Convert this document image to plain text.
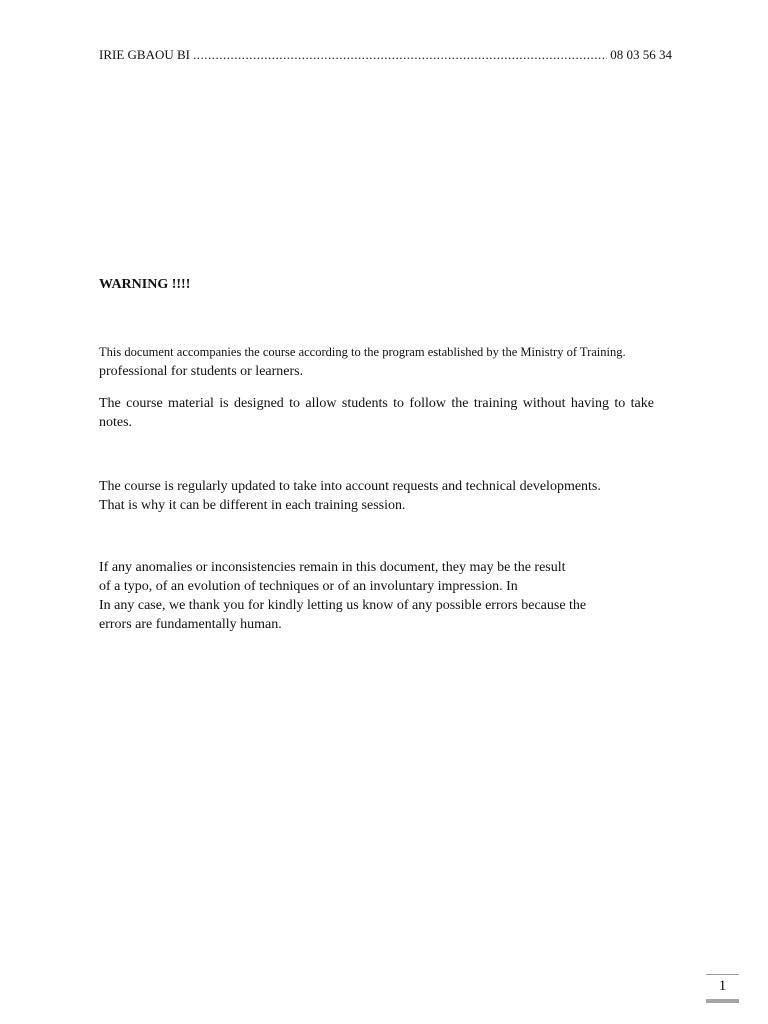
IRIE GBAOU BI
.....	08 03 56 34
WARNING !!!!

This document accompanies the course according to the program established by the Ministry of Training.
professional for students or learners.

The course material is designed to allow students to follow the training without having to take notes.

The course is regularly updated to take into account requests and technical developments.
That is why it can be different in each training session.

If any anomalies or inconsistencies remain in this document, they may be the result
of a typo, of an evolution of techniques or of an involuntary impression. In
In any case, we thank you for kindly letting us know of any possible errors because the
errors are fundamentally human.

1
